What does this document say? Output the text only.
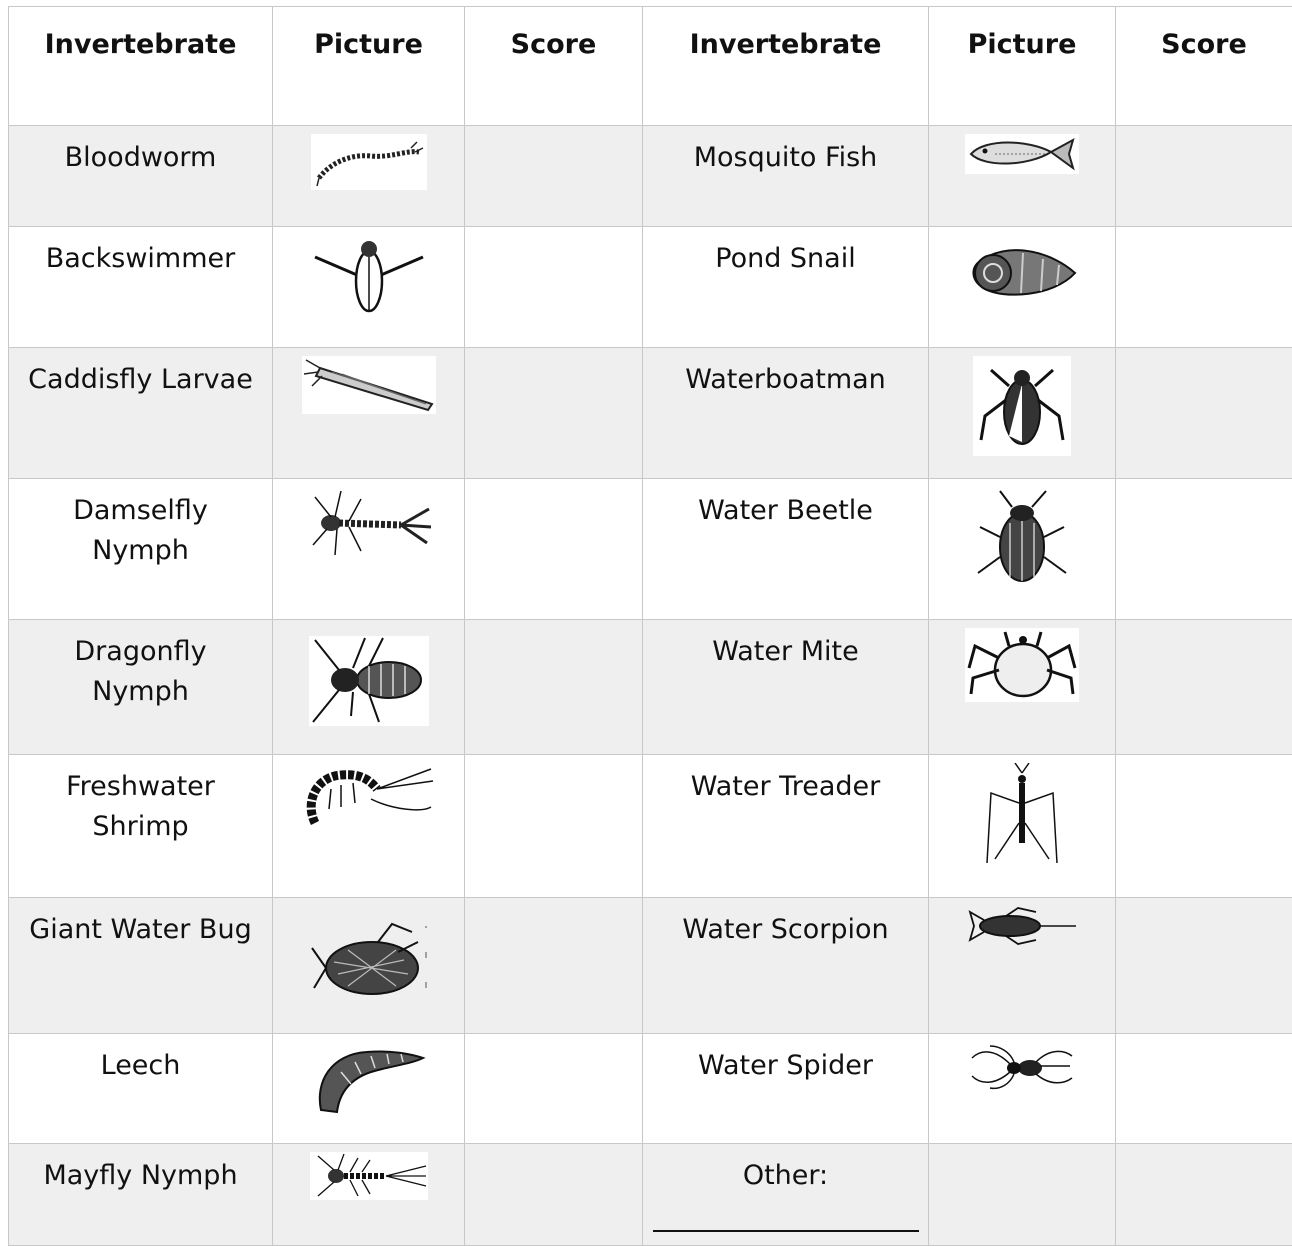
Invertebrate	Picture	Score	Invertebrate	Picture	Score
Bloodworm			Mosquito Fish	

Backswimmer			Pond Snail	

Caddisfly Larvae			Waterboatman	

Damselfly Nymph			Water Beetle	

Dragonfly Nymph			Water Mite	

Freshwater Shrimp			Water Treader	

Giant Water Bug			Water Scorpion	

Leech			Water Spider	

Mayfly Nymph			Other:
